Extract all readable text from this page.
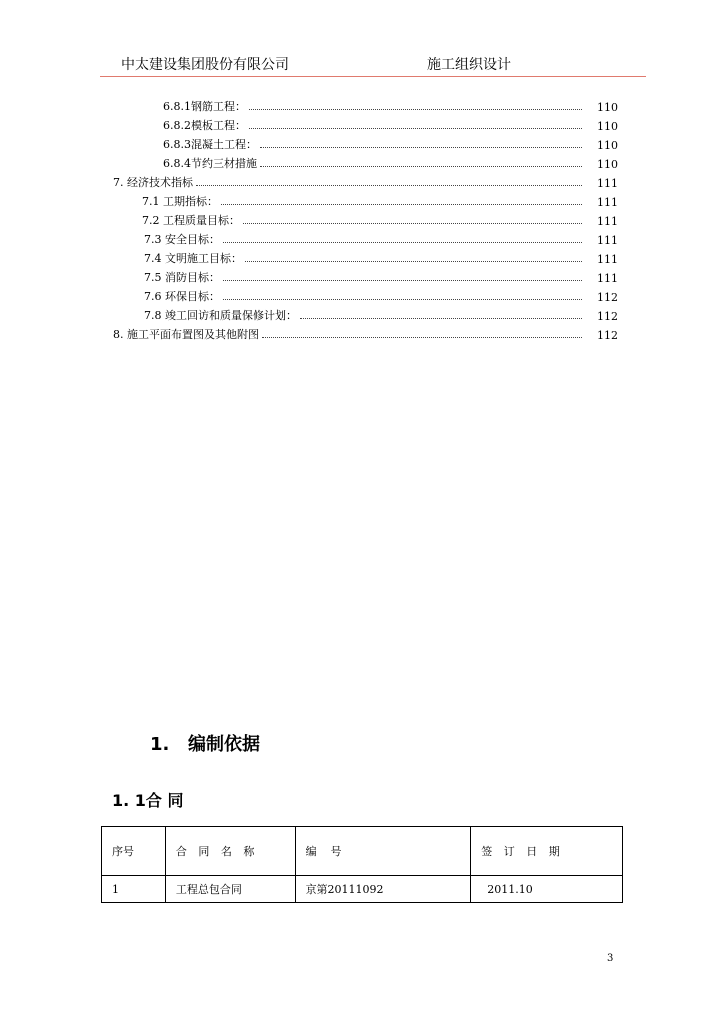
中太建设集团股份有限公司	施工组织设计
6.8.1钢筋工程：	110
6.8.2模板工程：	110
6.8.3混凝土工程：	110
6.8.4节约三材措施	110
7. 经济技术指标	111
7.1 工期指标：	111
7.2 工程质量目标：	111
7.3 安全目标：	111
7.4 文明施工目标：	111
7.5 消防目标：	111
7.6 环保目标：	112
7.8 竣工回访和质量保修计划：	112
8. 施工平面布置图及其他附图	112
1. 编制依据
1. 1合 同
序号	合 同 名 称	编    号	签 订 日 期
1	工程总包合同	京第20111092	2011.10
3
